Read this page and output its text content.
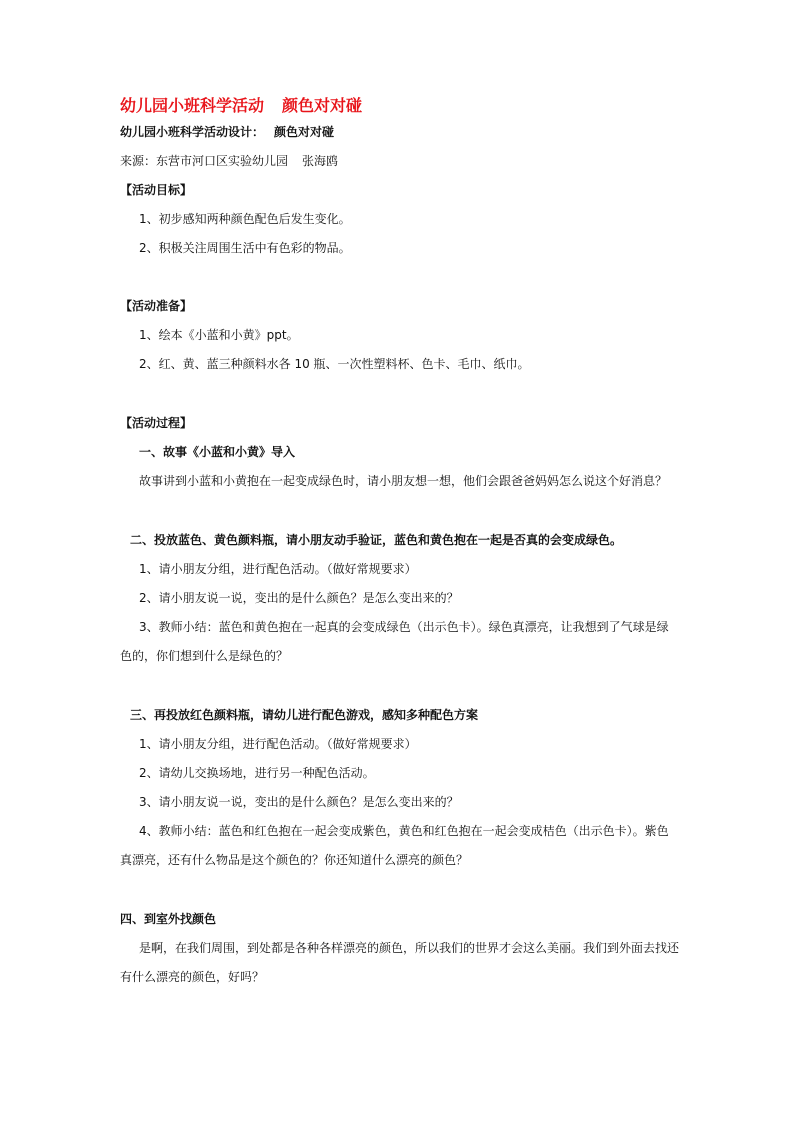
幼儿园小班科学活动 颜色对对碰
幼儿园小班科学活动设计： 颜色对对碰
来源：东营市河口区实验幼儿园 张海鸥
【活动目标】
1、初步感知两种颜色配色后发生变化。
2、积极关注周围生活中有色彩的物品。
【活动准备】
1、绘本《小蓝和小黄》ppt。
2、红、黄、蓝三种颜料水各 10 瓶、一次性塑料杯、色卡、毛巾、纸巾。
【活动过程】
一、故事《小蓝和小黄》导入
故事讲到小蓝和小黄抱在一起变成绿色时，请小朋友想一想，他们会跟爸爸妈妈怎么说这个好消息？
二、投放蓝色、黄色颜料瓶，请小朋友动手验证，蓝色和黄色抱在一起是否真的会变成绿色。
1、请小朋友分组，进行配色活动。（做好常规要求）
2、请小朋友说一说，变出的是什么颜色？是怎么变出来的？
3、教师小结：蓝色和黄色抱在一起真的会变成绿色（出示色卡）。绿色真漂亮，让我想到了气球是绿
色的，你们想到什么是绿色的？
三、再投放红色颜料瓶，请幼儿进行配色游戏，感知多种配色方案
1、请小朋友分组，进行配色活动。（做好常规要求）
2、请幼儿交换场地，进行另一种配色活动。
3、请小朋友说一说，变出的是什么颜色？是怎么变出来的？
4、教师小结：蓝色和红色抱在一起会变成紫色，黄色和红色抱在一起会变成桔色（出示色卡）。紫色
真漂亮，还有什么物品是这个颜色的？你还知道什么漂亮的颜色？
四、到室外找颜色
是啊，在我们周围，到处都是各种各样漂亮的颜色，所以我们的世界才会这么美丽。我们到外面去找还
有什么漂亮的颜色，好吗？
